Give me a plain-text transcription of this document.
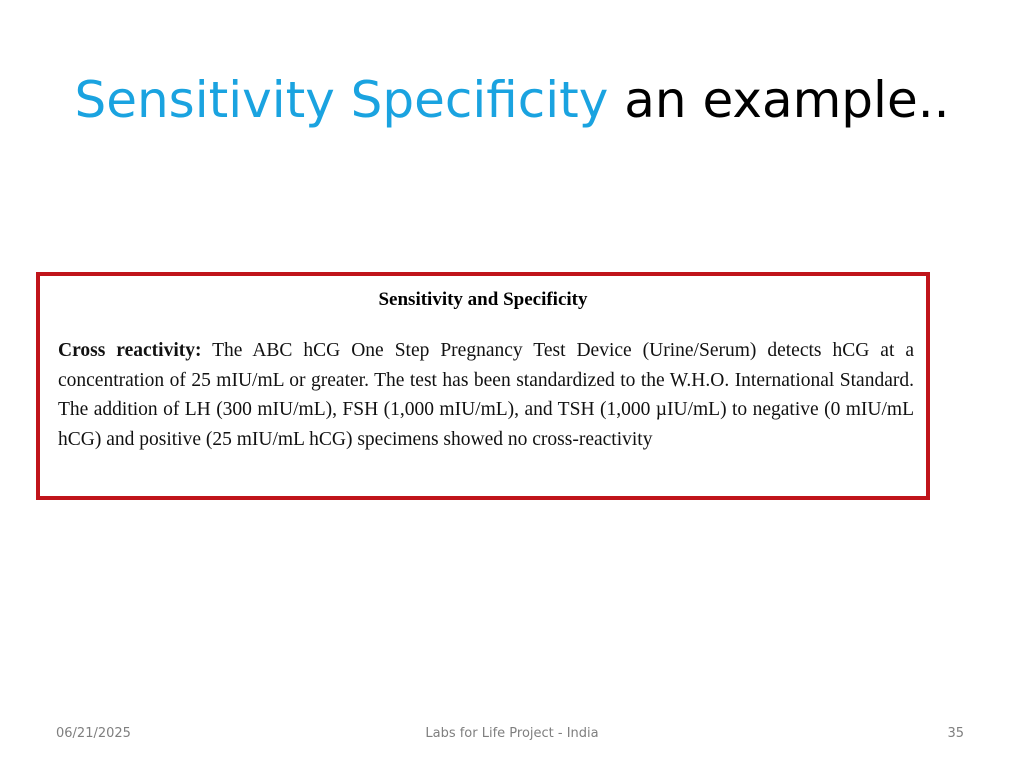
Sensitivity Specificity an example..
Sensitivity and Specificity
Cross reactivity: The ABC hCG One Step Pregnancy Test Device (Urine/Serum) detects hCG at a concentration of 25 mIU/mL or greater. The test has been standardized to the W.H.O. International Standard. The addition of LH (300 mIU/mL), FSH (1,000 mIU/mL), and TSH (1,000 µIU/mL) to negative (0 mIU/mL hCG) and positive (25 mIU/mL hCG) specimens showed no cross-reactivity
06/21/2025	Labs for Life Project - India	35
